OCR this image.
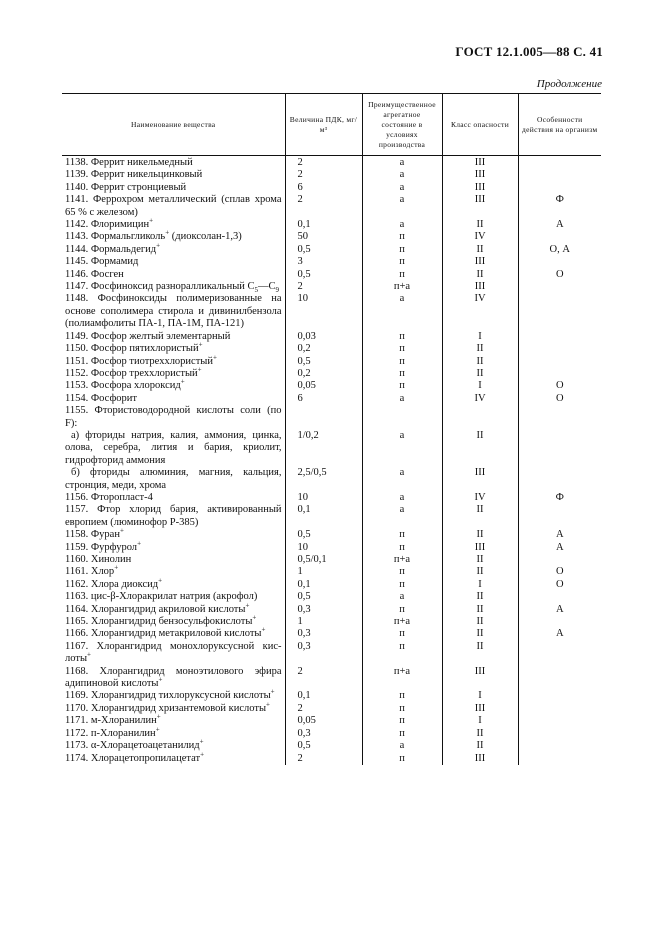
ГОСТ 12.1.005—88 С. 41
Продолжение
Наименование вещества	Величина ПДК, мг/м³	Преимущественное агрегатное состояние в условиях производства	Класс опасности	Особенности действия на организм
1138. Феррит никельмедный	2	а	III	
1139. Феррит никельцинковый	2	а	III	
1140. Феррит стронциевый	6	а	III	
1141. Феррохром металлический (сплав хрома 65 % с железом)	2	а	III	Ф
1142. Флоримицин+	0,1	а	II	А
1143. Формальгликоль+ (диоксолан-1,3)	50	п	IV	
1144. Формальдегид+	0,5	п	II	О, А
1145. Формамид	3	п	III	
1146. Фосген	0,5	п	II	О
1147. Фосфиноксид разноралликальный $C_5—C_9$	2	п+а	III	
1148. Фосфиноксиды полимеризованные на основе сополимера стирола и дивинилбензола (полиамфолиты ПА-1, ПА-1М, ПА-121)	10	а	IV	
1149. Фосфор желтый элементарный	0,03	п	I	
1150. Фосфор пятихлористый+	0,2	п	II	
1151. Фосфор тиотреххлористый+	0,5	п	II	
1152. Фосфор треххлористый+	0,2	п	II	
1153. Фосфора хлороксид+	0,05	п	I	О
1154. Фосфорит	6	а	IV	О
1155. Фтористоводородной кислоты соли (по F):				
а) фториды натрия, калия, аммония, цинка, олова, серебра, лития и бария, криолит, гидрофторид аммония	1/0,2	а	II	
б) фториды алюминия, магния, кальция, стронция, меди, хрома	2,5/0,5	а	III	
1156. Фторопласт-4	10	а	IV	Ф
1157. Фтор хлорид бария, активированный европием (люминофор Р-385)	0,1	а	II	
1158. Фуран+	0,5	п	II	А
1159. Фурфурол+	10	п	III	А
1160. Хинолин	0,5/0,1	п+а	II	
1161. Хлор+	1	п	II	О
1162. Хлора диоксид+	0,1	п	I	О
1163. цис-β-Хлоракрилат натрия (акрофол)	0,5	а	II	
1164. Хлорангидрид акриловой кислоты+	0,3	п	II	А
1165. Хлорангидрид бензосульфокислоты+	1	п+а	II	
1166. Хлорангидрид метакриловой кислоты+	0,3	п	II	А
1167. Хлорангидрид монохлоруксусной кислоты+	0,3	п	II	
1168. Хлорангидрид моноэтилового эфира адипиновой кислоты+	2	п+а	III	
1169. Хлорангидрид тихлоруксусной кислоты+	0,1	п	I	
1170. Хлорангидрид хризантемовой кислоты+	2	п	III	
1171. м-Хлоранилин+	0,05	п	I	
1172. п-Хлоранилин+	0,3	п	II	
1173. α-Хлорацетоацетанилид+	0,5	а	II	
1174. Хлорацетопропилацетат+	2	п	III	
